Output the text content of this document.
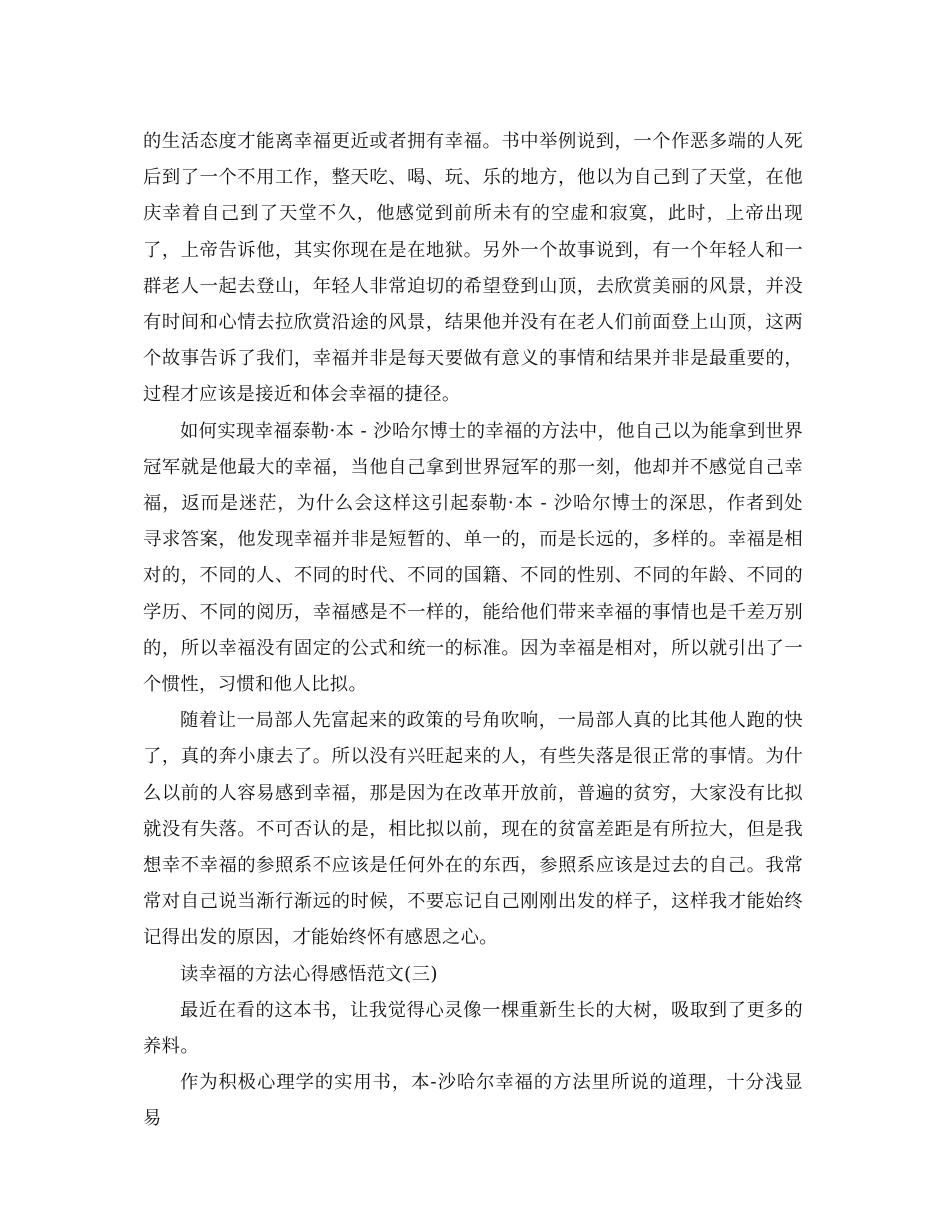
的生活态度才能离幸福更近或者拥有幸福。书中举例说到，一个作恶多端的人死后到了一个不用工作，整天吃、喝、玩、乐的地方，他以为自己到了天堂，在他庆幸着自己到了天堂不久，他感觉到前所未有的空虚和寂寞，此时，上帝出现了，上帝告诉他，其实你现在是在地狱。另外一个故事说到，有一个年轻人和一群老人一起去登山，年轻人非常迫切的希望登到山顶，去欣赏美丽的风景，并没有时间和心情去拉欣赏沿途的风景，结果他并没有在老人们前面登上山顶，这两个故事告诉了我们，幸福并非是每天要做有意义的事情和结果并非是最重要的，过程才应该是接近和体会幸福的捷径。

如何实现幸福泰勒·本 - 沙哈尔博士的幸福的方法中，他自己以为能拿到世界冠军就是他最大的幸福，当他自己拿到世界冠军的那一刻，他却并不感觉自己幸福，返而是迷茫，为什么会这样这引起泰勒·本 - 沙哈尔博士的深思，作者到处寻求答案，他发现幸福并非是短暂的、单一的，而是长远的，多样的。幸福是相对的，不同的人、不同的时代、不同的国籍、不同的性别、不同的年龄、不同的学历、不同的阅历，幸福感是不一样的，能给他们带来幸福的事情也是千差万别的，所以幸福没有固定的公式和统一的标准。因为幸福是相对，所以就引出了一个惯性，习惯和他人比拟。

随着让一局部人先富起来的政策的号角吹响，一局部人真的比其他人跑的快了，真的奔小康去了。所以没有兴旺起来的人，有些失落是很正常的事情。为什么以前的人容易感到幸福，那是因为在改革开放前，普遍的贫穷，大家没有比拟就没有失落。不可否认的是，相比拟以前，现在的贫富差距是有所拉大，但是我想幸不幸福的参照系不应该是任何外在的东西，参照系应该是过去的自己。我常常对自己说当渐行渐远的时候，不要忘记自己刚刚出发的样子，这样我才能始终记得出发的原因，才能始终怀有感恩之心。

读幸福的方法心得感悟范文(三)

最近在看的这本书，让我觉得心灵像一棵重新生长的大树，吸取到了更多的养料。

作为积极心理学的实用书，本-沙哈尔幸福的方法里所说的道理，十分浅显易
